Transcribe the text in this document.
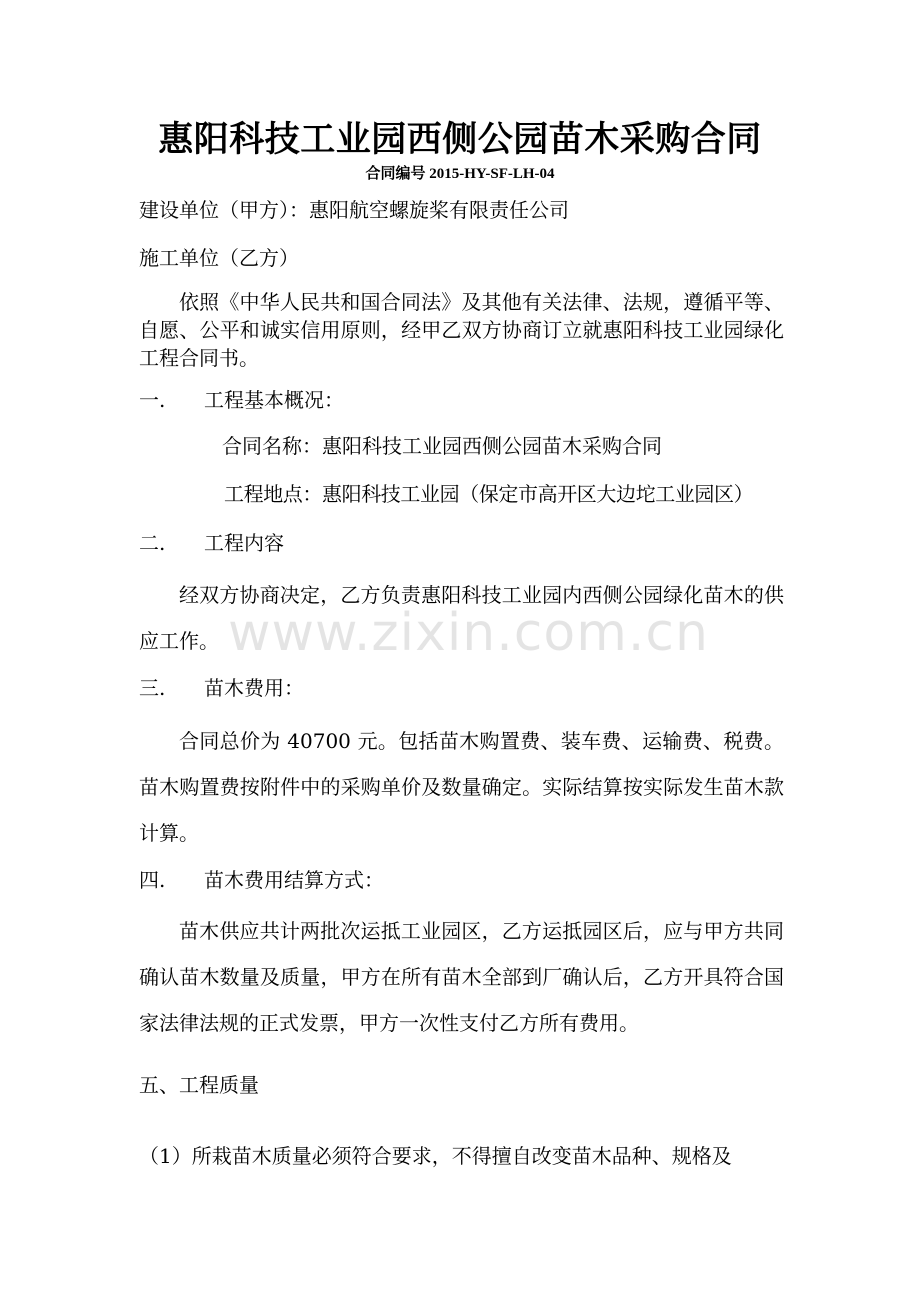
惠阳科技工业园西侧公园苗木采购合同
合同编号 2015-HY-SF-LH-04
建设单位（甲方）：惠阳航空螺旋桨有限责任公司
施工单位（乙方）

依照《中华人民共和国合同法》及其他有关法律、法规，遵循平等、自愿、公平和诚实信用原则，经甲乙双方协商订立就惠阳科技工业园绿化工程合同书。

一. 工程基本概况：
合同名称：惠阳科技工业园西侧公园苗木采购合同
工程地点：惠阳科技工业园（保定市高开区大边坨工业园区）
二. 工程内容

经双方协商决定，乙方负责惠阳科技工业园内西侧公园绿化苗木的供应工作。

三. 苗木费用：

合同总价为 40700 元。包括苗木购置费、装车费、运输费、税费。苗木购置费按附件中的采购单价及数量确定。实际结算按实际发生苗木款计算。

四. 苗木费用结算方式：

苗木供应共计两批次运抵工业园区，乙方运抵园区后，应与甲方共同确认苗木数量及质量，甲方在所有苗木全部到厂确认后，乙方开具符合国家法律法规的正式发票，甲方一次性支付乙方所有费用。

五、工程质量
（1）所栽苗木质量必须符合要求，不得擅自改变苗木品种、规格及
www.zixin.com.cn
